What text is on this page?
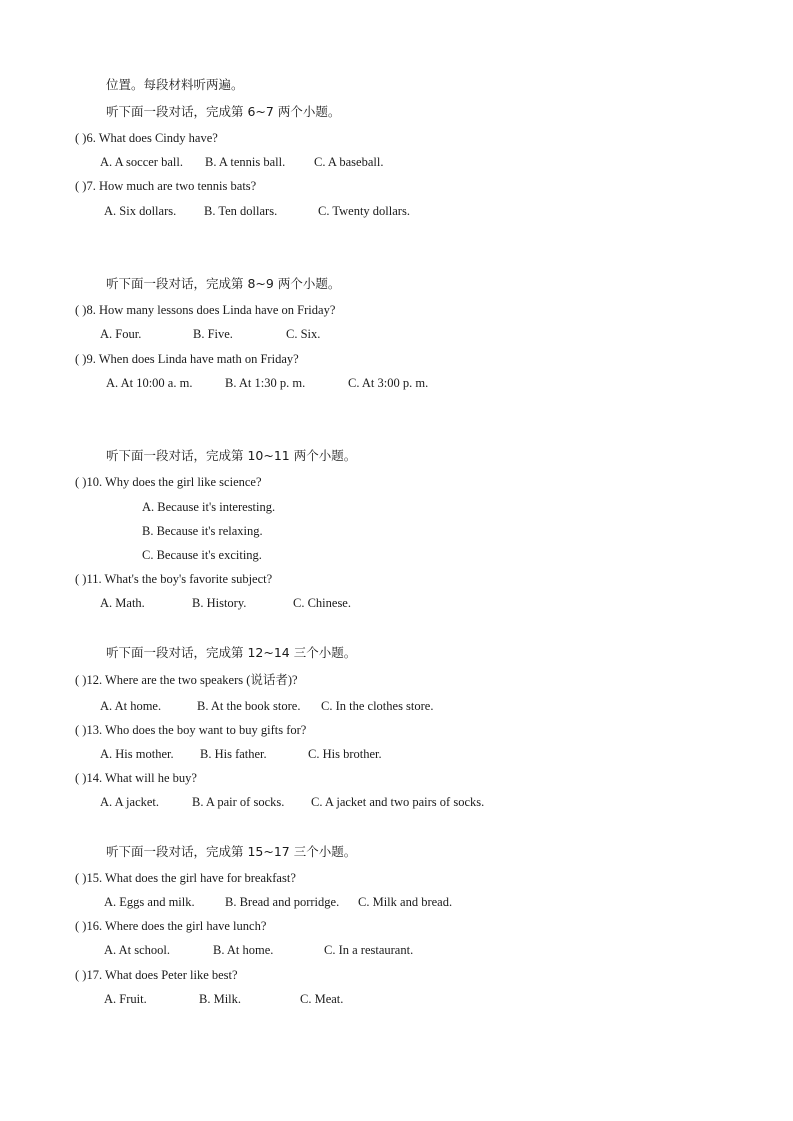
位置。每段材料听两遍。
听下面一段对话，完成第 6~7 两个小题。
( )6. What does Cindy have?
A. A soccer ball. B. A tennis ball. C. A baseball.
( )7. How much are two tennis bats?
A. Six dollars. B. Ten dollars.	C. Twenty dollars.
听下面一段对话，完成第 8~9 两个小题。
( )8. How many lessons does Linda have on Friday?
A. Four.	B. Five.	C. Six.
( )9. When does Linda have math on Friday?
A. At 10:00 a. m.	B. At 1:30 p. m.	C. At 3:00 p. m.
听下面一段对话，完成第 10~11 两个小题。
( )10. Why does the girl like science?
A. Because it's interesting.
B. Because it's relaxing.
C. Because it's exciting.
( )11. What's the boy's favorite subject?
A. Math.	B. History.	C. Chinese.
听下面一段对话，完成第 12~14 三个小题。
( )12. Where are the two speakers (说话者)?
A. At home.	B. At the book store. C. In the clothes store.
( )13. Who does the boy want to buy gifts for?
A. His mother. B. His father.	C. His brother.
( )14. What will he buy?
A. A jacket.	B. A pair of socks. C. A jacket and two pairs of socks.
听下面一段对话，完成第 15~17 三个小题。
( )15. What does the girl have for breakfast?
A. Eggs and milk. B. Bread and porridge. C. Milk and bread.
( )16. Where does the girl have lunch?
A. At school.	B. At home.	C. In a restaurant.
( )17. What does Peter like best?
A. Fruit.	B. Milk.	C. Meat.
